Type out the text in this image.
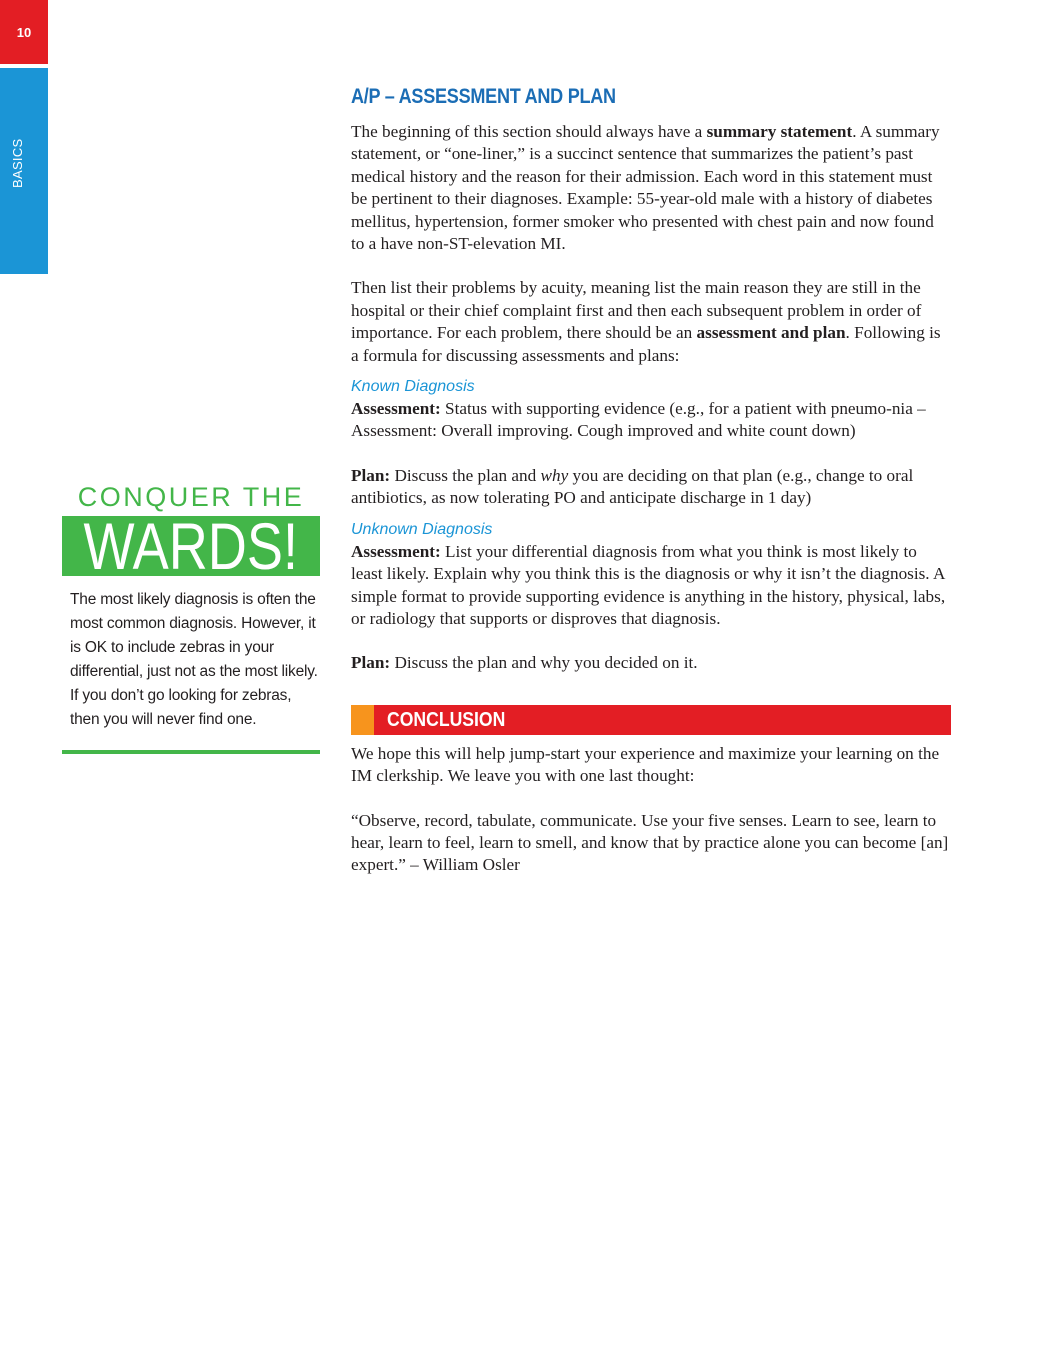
10
BASICS
A/P – ASSESSMENT AND PLAN

The beginning of this section should always have a summary statement. A summary statement, or “one-liner,” is a succinct sentence that summarizes the patient’s past medical history and the reason for their admission. Each word in this statement must be pertinent to their diagnoses. Example: 55-year-old male with a history of diabetes mellitus, hypertension, former smoker who presented with chest pain and now found to a have non-ST-elevation MI.

Then list their problems by acuity, meaning list the main reason they are still in the hospital or their chief complaint first and then each subsequent problem in order of importance. For each problem, there should be an assessment and plan. Following is a formula for discussing assessments and plans:

Known Diagnosis

Assessment: Status with supporting evidence (e.g., for a patient with pneumo-nia – Assessment: Overall improving. Cough improved and white count down)

Plan: Discuss the plan and why you are deciding on that plan (e.g., change to oral antibiotics, as now tolerating PO and anticipate discharge in 1 day)

Unknown Diagnosis

Assessment: List your differential diagnosis from what you think is most likely to least likely. Explain why you think this is the diagnosis or why it isn’t the diagnosis. A simple format to provide supporting evidence is anything in the history, physical, labs, or radiology that supports or disproves that diagnosis.

Plan: Discuss the plan and why you decided on it.

CONCLUSION

We hope this will help jump-start your experience and maximize your learning on the IM clerkship. We leave you with one last thought:

“Observe, record, tabulate, communicate. Use your five senses. Learn to see, learn to hear, learn to feel, learn to smell, and know that by practice alone you can become [an] expert.” – William Osler

CONQUER THE
WARDS!
The most likely diagnosis is often the most common diagnosis. However, it is OK to include zebras in your differential, just not as the most likely. If you don’t go looking for zebras, then you will never find one.
